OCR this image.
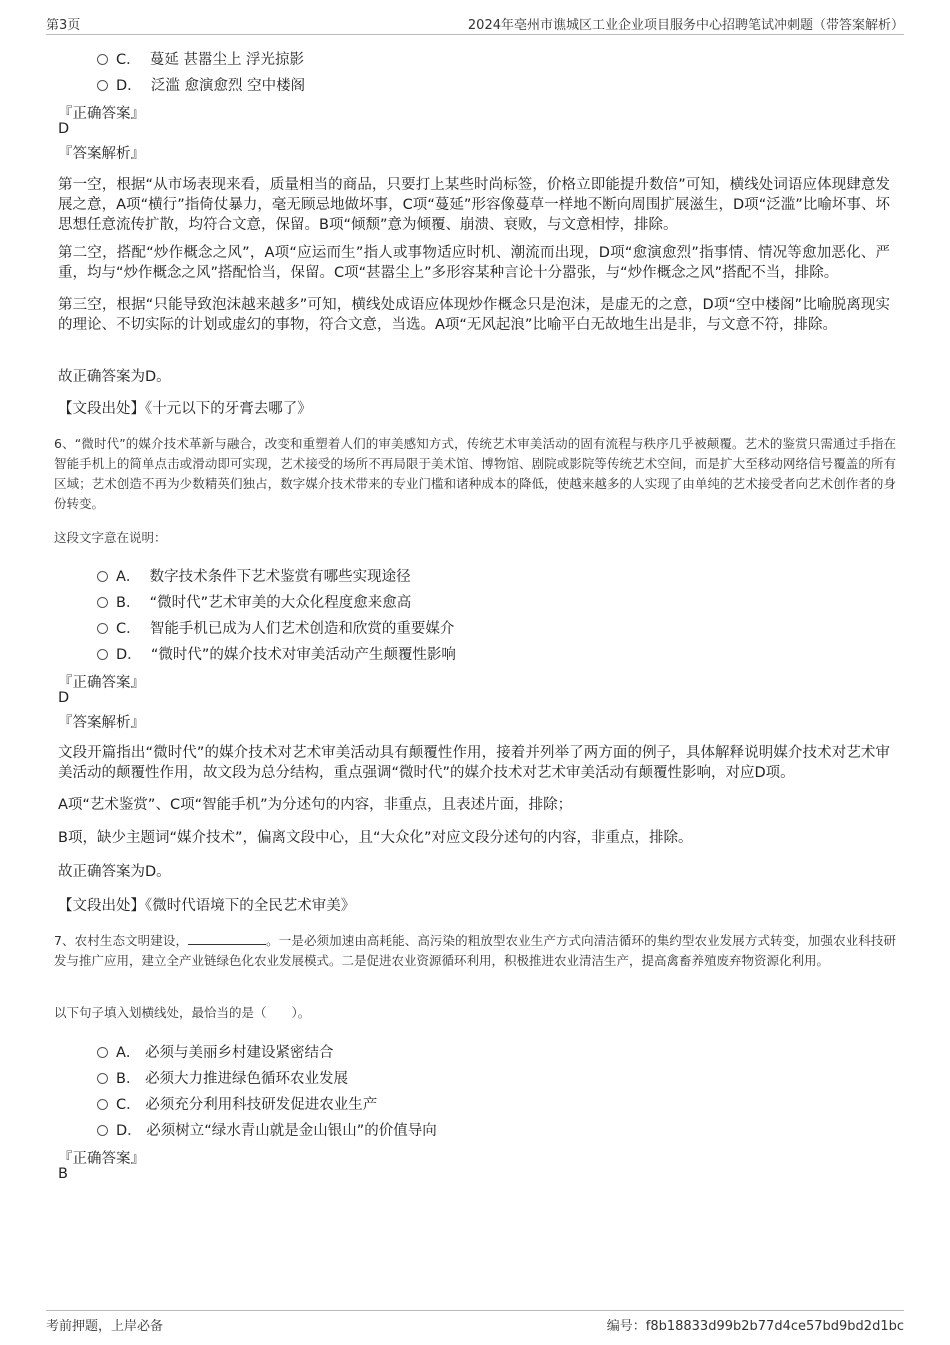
第3页	2024年亳州市谯城区工业企业项目服务中心招聘笔试冲刺题（带答案解析）
C． 蔓延 甚嚣尘上 浮光掠影
D． 泛滥 愈演愈烈 空中楼阁
『正确答案』
D
『答案解析』
第一空，根据“从市场表现来看，质量相当的商品，只要打上某些时尚标签，价格立即能提升数倍”可知，横线处词语应体现肆意发展之意，A项“横行”指倚仗暴力，毫无顾忌地做坏事，C项“蔓延”形容像蔓草一样地不断向周围扩展滋生，D项“泛滥”比喻坏事、坏思想任意流传扩散，均符合文意，保留。B项“倾颓”意为倾覆、崩溃、衰败，与文意相悖，排除。
第二空，搭配“炒作概念之风”，A项“应运而生”指人或事物适应时机、潮流而出现，D项“愈演愈烈”指事情、情况等愈加恶化、严重，均与“炒作概念之风”搭配恰当，保留。C项“甚嚣尘上”多形容某种言论十分嚣张，与“炒作概念之风”搭配不当，排除。
第三空，根据“只能导致泡沫越来越多”可知，横线处成语应体现炒作概念只是泡沫，是虚无的之意，D项“空中楼阁”比喻脱离现实的理论、不切实际的计划或虚幻的事物，符合文意，当选。A项“无风起浪”比喻平白无故地生出是非，与文意不符，排除。
故正确答案为D。
【文段出处】《十元以下的牙膏去哪了》
6、“微时代”的媒介技术革新与融合，改变和重塑着人们的审美感知方式，传统艺术审美活动的固有流程与秩序几乎被颠覆。艺术的鉴赏只需通过手指在智能手机上的简单点击或滑动即可实现，艺术接受的场所不再局限于美术馆、博物馆、剧院或影院等传统艺术空间，而是扩大至移动网络信号覆盖的所有区域；艺术创造不再为少数精英们独占，数字媒介技术带来的专业门槛和诸种成本的降低，使越来越多的人实现了由单纯的艺术接受者向艺术创作者的身份转变。
这段文字意在说明：
A． 数字技术条件下艺术鉴赏有哪些实现途径
B． “微时代”艺术审美的大众化程度愈来愈高
C． 智能手机已成为人们艺术创造和欣赏的重要媒介
D． “微时代”的媒介技术对审美活动产生颠覆性影响
『正确答案』
D
『答案解析』
文段开篇指出“微时代”的媒介技术对艺术审美活动具有颠覆性作用，接着并列举了两方面的例子，具体解释说明媒介技术对艺术审美活动的颠覆性作用，故文段为总分结构，重点强调“微时代”的媒介技术对艺术审美活动有颠覆性影响，对应D项。
A项“艺术鉴赏”、C项“智能手机”为分述句的内容，非重点，且表述片面，排除；
B项，缺少主题词“媒介技术”，偏离文段中心，且“大众化”对应文段分述句的内容，非重点，排除。
故正确答案为D。
【文段出处】《微时代语境下的全民艺术审美》
7、农村生态文明建设，	。一是必须加速由高耗能、高污染的粗放型农业生产方式向清洁循环的集约型农业发展方式转变，加强农业科技研发与推广应用，建立全产业链绿色化农业发展模式。二是促进农业资源循环利用，积极推进农业清洁生产，提高禽畜养殖废弃物资源化利用。
以下句子填入划横线处，最恰当的是（　　）。
A． 必须与美丽乡村建设紧密结合
B． 必须大力推进绿色循环农业发展
C． 必须充分利用科技研发促进农业生产
D． 必须树立“绿水青山就是金山银山”的价值导向
『正确答案』
B
考前押题，上岸必备	编号：f8b18833d99b2b77d4ce57bd9bd2d1bc
